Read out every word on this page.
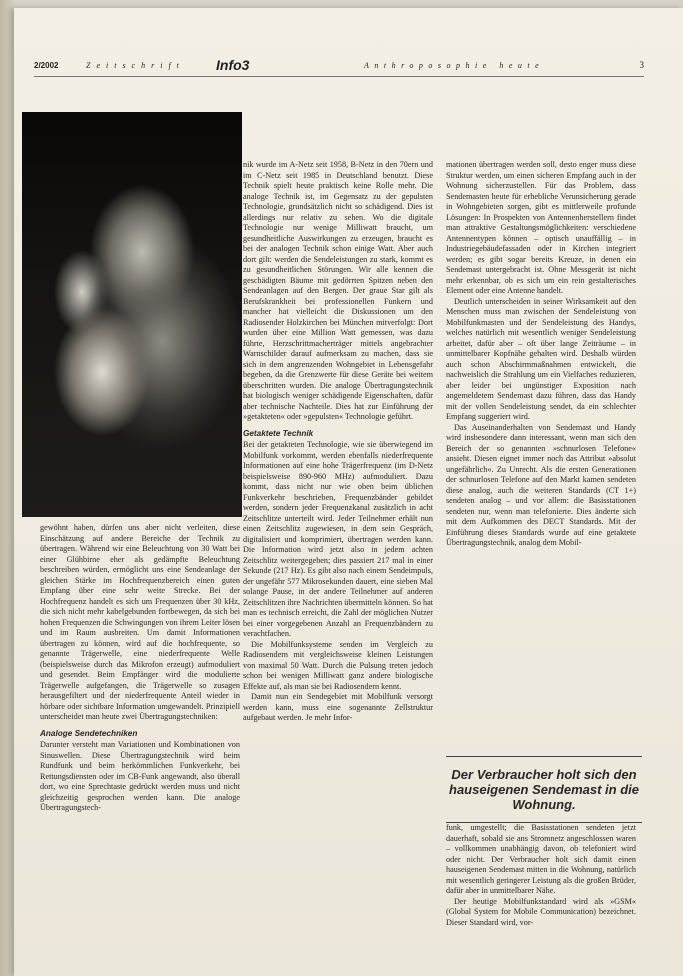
2/2002	Zeitschrift Info3	Anthroposophie heute	3

gewöhnt haben, dürfen uns aber nicht verleiten, diese Einschätzung auf andere Bereiche der Technik zu übertragen. Während wir eine Beleuchtung von 30 Watt bei einer Glühbirne eher als gedämpfte Beleuchtung beschreiben würden, ermöglicht uns eine Sendeanlage der gleichen Stärke im Hochfrequenzbereich einen guten Empfang über eine sehr weite Strecke. Bei der Hochfrequenz handelt es sich um Frequenzen über 30 kHz, die sich nicht mehr kabelgebunden fortbewegen, da sich bei hohen Frequenzen die Schwingungen von ihrem Leiter lösen und im Raum ausbreiten. Um damit Informationen übertragen zu können, wird auf die hochfrequente, so genannte Trägerwelle, eine niederfrequente Welle (beispielsweise durch das Mikrofon erzeugt) aufmoduliert und gesendet. Beim Empfänger wird die modulierte Trägerwelle aufgefangen, die Trägerwelle so zusagen herausgefiltert und der niederfrequente Anteil wieder in hörbare oder sichtbare Information umgewandelt. Prinzipiell unterscheidet man heute zwei Übertragungstechniken:

Analoge Sendetechniken

Darunter versteht man Variationen und Kombinationen von Sinuswellen. Diese Übertragungstechnik wird beim Rundfunk und beim herkömmlichen Funkverkehr, bei Rettungsdiensten oder im CB-Funk angewandt, also überall dort, wo eine Sprechtaste gedrückt werden muss und nicht gleichzeitig gesprochen werden kann. Die analoge Übertragungstech-

nik wurde im A-Netz seit 1958, B-Netz in den 70ern und im C-Netz seit 1985 in Deutschland benutzt. Diese Technik spielt heute praktisch keine Rolle mehr. Die analoge Technik ist, im Gegensatz zu der gepulsten Technologie, grundsätzlich nicht so schädigend. Dies ist allerdings nur relativ zu sehen. Wo die digitale Technologie nur wenige Milliwatt braucht, um gesundheitliche Auswirkungen zu erzeugen, braucht es bei der analogen Technik schon einige Watt. Aber auch dort gilt: werden die Sendeleistungen zu stark, kommt es zu gesundheitlichen Störungen. Wir alle kennen die geschädigten Bäume mit gedörrten Spitzen neben den Sendeanlagen auf den Bergen. Der graue Star gilt als Berufskrankheit bei professionellen Funkern und mancher hat vielleicht die Diskussionen um den Radiosender Holzkirchen bei München mitverfolgt: Dort wurden über eine Million Watt gemessen, was dazu führte, Herzschrittmacherträger mittels angebrachter Warnschilder darauf aufmerksam zu machen, dass sie sich in dem angrenzenden Wohngebiet in Lebensgefahr begeben, da die Grenzwerte für diese Geräte bei weitem überschritten wurden. Die analoge Übertragungstechnik hat biologisch weniger schädigende Eigenschaften, dafür aber technische Nachteile. Dies hat zur Einführung der »getakteten« oder »gepulsten« Technologie geführt.

Getaktete Technik

Bei der getakteten Technologie, wie sie überwiegend im Mobilfunk vorkommt, werden ebenfalls niederfrequente Informationen auf eine hohe Trägerfrequenz (im D-Netz beispielsweise 890-960 MHz) aufmoduliert. Dazu kommt, dass nicht nur wie oben beim üblichen Funkverkehr beschrieben, Frequenzbänder gebildet werden, sondern jeder Frequenzkanal zusätzlich in acht Zeitschlitze unterteilt wird. Jeder Teilnehmer erhält nun einen Zeitschlitz zugewiesen, in dem sein Gespräch, digitalisiert und komprimiert, übertragen werden kann. Die Information wird jetzt also in jedem achten Zeitschlitz weitergegeben; dies passiert 217 mal in einer Sekunde (217 Hz). Es gibt also nach einem Sendeimpuls, der ungefähr 577 Mikrosekunden dauert, eine sieben Mal solange Pause, in der andere Teilnehmer auf anderen Zeitschlitzen ihre Nachrichten übermitteln können. So hat man es technisch erreicht, die Zahl der möglichen Nutzer bei einer vorgegebenen Anzahl an Frequenzbändern zu verachtfachen.

Die Mobilfunksysteme senden im Vergleich zu Radiosendern mit vergleichsweise kleinen Leistungen von maximal 50 Watt. Durch die Pulsung treten jedoch schon bei wenigen Milliwatt ganz andere biologische Effekte auf, als man sie bei Radiosendern kennt.

Damit nun ein Sendegebiet mit Mobilfunk versorgt werden kann, muss eine sogenannte Zellstruktur aufgebaut werden. Je mehr Infor-

mationen übertragen werden soll, desto enger muss diese Struktur werden, um einen sicheren Empfang auch in der Wohnung sicherzustellen. Für das Problem, dass Sendemasten heute für erhebliche Verunsicherung gerade in Wohngebieten sorgen, gibt es mittlerweile profunde Lösungen: In Prospekten von Antennenherstellern findet man attraktive Gestaltungsmöglichkeiten: verschiedene Antennentypen können – optisch unauffällig – in Industriegebäudefassaden oder in Kirchen integriert werden; es gibt sogar bereits Kreuze, in denen ein Sendemast untergebracht ist. Ohne Messgerät ist nicht mehr erkennbar, ob es sich um ein rein gestalterisches Element oder eine Antenne handelt.

Deutlich unterscheiden in seiner Wirksamkeit auf den Menschen muss man zwischen der Sendeleistung von Mobilfunkmasten und der Sendeleistung des Handys, welches natürlich mit wesentlich weniger Sendeleistung arbeitet, dafür aber – oft über lange Zeiträume – in unmittelbarer Kopfnähe gehalten wird. Deshalb würden auch schon Abschirmmaßnahmen entwickelt, die nachweislich die Strahlung um ein Vielfaches reduzieren, aber leider bei ungünstiger Exposition nach angemeldetem Sendemast dazu führen, dass das Handy mit der vollen Sendeleistung sendet, da ein schlechter Empfang suggeriert wird.

Das Auseinanderhalten von Sendemast und Handy wird insbesondere dann interessant, wenn man sich den Bereich der so genannten »schnurlosen Telefone« ansieht. Diesen eignet immer noch das Attribut »absolut ungefährlich«. Zu Unrecht. Als die ersten Generationen der schnurlosen Telefone auf den Markt kamen sendeten diese analog, auch die weiteren Standards (CT 1+) sendeten analog – und vor allem: die Basisstationen sendeten nur, wenn man telefonierte. Dies änderte sich mit dem Aufkommen des DECT Standards. Mit der Einführung dieses Standards wurde auf eine getaktete Übertragungstechnik, analog dem Mobil-

Der Verbraucher holt sich den hauseigenen Sendemast in die Wohnung.

funk, umgestellt; die Basisstationen sendeten jetzt dauerhaft, sobald sie ans Stromnetz angeschlossen waren – vollkommen unabhängig davon, ob telefoniert wird oder nicht. Der Verbraucher holt sich damit einen hauseigenen Sendemast mitten in die Wohnung, natürlich mit wesentlich geringerer Leistung als die großen Brüder, dafür aber in unmittelbarer Nähe.

Der heutige Mobilfunkstandard wird als »GSM« (Global System for Mobile Communication) bezeichnet. Dieser Standard wird, vor-
